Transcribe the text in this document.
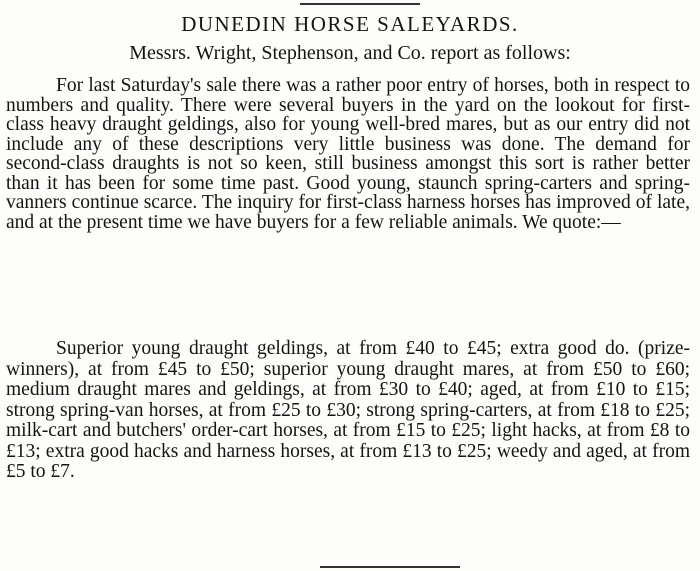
DUNEDIN HORSE SALEYARDS.
Messrs. Wright, Stephenson, and Co. report as follows:

For last Saturday's sale there was a rather poor entry of horses, both in respect to numbers and quality. There were several buyers in the yard on the lookout for first-class heavy draught geldings, also for young well-bred mares, but as our entry did not include any of these descriptions very little business was done. The demand for second-class draughts is not so keen, still business amongst this sort is rather better than it has been for some time past. Good young, staunch spring-carters and spring-vanners continue scarce. The inquiry for first-class harness horses has improved of late, and at the present time we have buyers for a few reliable animals. We quote:—

Superior young draught geldings, at from £40 to £45; extra good do. (prize-winners), at from £45 to £50; superior young draught mares, at from £50 to £60; medium draught mares and geldings, at from £30 to £40; aged, at from £10 to £15; strong spring-van horses, at from £25 to £30; strong spring-carters, at from £18 to £25; milk-cart and butchers' order-cart horses, at from £15 to £25; light hacks, at from £8 to £13; extra good hacks and harness horses, at from £13 to £25; weedy and aged, at from £5 to £7.
